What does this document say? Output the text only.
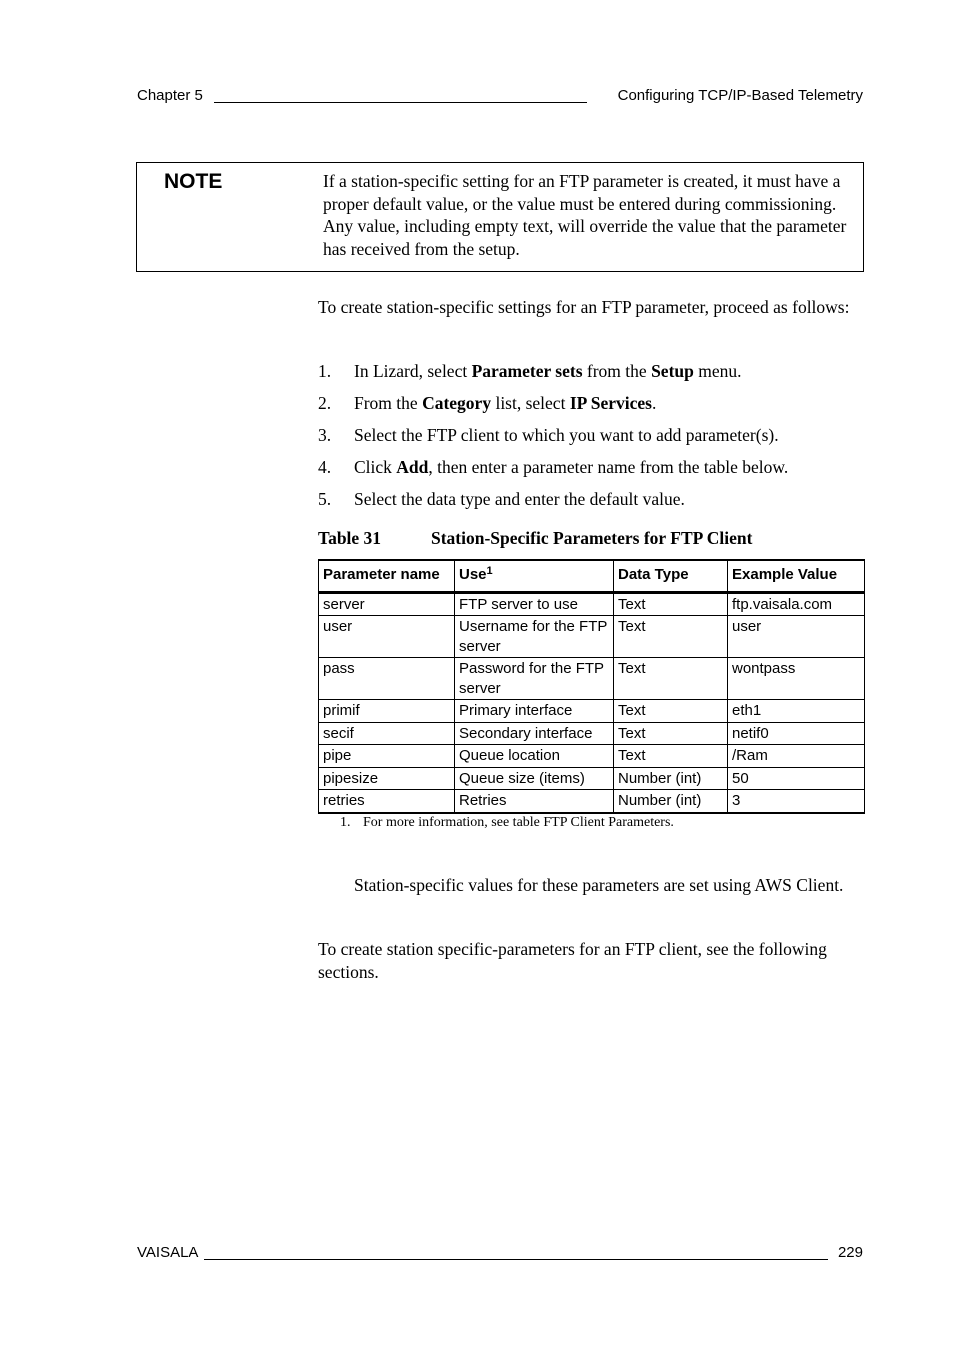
Chapter 5	Configuring TCP/IP-Based Telemetry
NOTE	If a station-specific setting for an FTP parameter is created, it must have a proper default value, or the value must be entered during commissioning. Any value, including empty text, will override the value that the parameter has received from the setup.
To create station-specific settings for an FTP parameter, proceed as follows:
1. In Lizard, select Parameter sets from the Setup menu.
2. From the Category list, select IP Services.
3. Select the FTP client to which you want to add parameter(s).
4. Click Add, then enter a parameter name from the table below.
5. Select the data type and enter the default value.
Table 31	Station-Specific Parameters for FTP Client
Parameter name	Use$^1$	Data Type	Example Value
server	FTP server to use	Text	ftp.vaisala.com
user	Username for the FTP server	Text	user
pass	Password for the FTP server	Text	wontpass
primif	Primary interface	Text	eth1
secif	Secondary interface	Text	netif0
pipe	Queue location	Text	/Ram
pipesize	Queue size (items)	Number (int)	50
retries	Retries	Number (int)	3
1. For more information, see table FTP Client Parameters.
Station-specific values for these parameters are set using AWS Client.
To create station specific-parameters for an FTP client, see the following sections.
VAISALA	229
